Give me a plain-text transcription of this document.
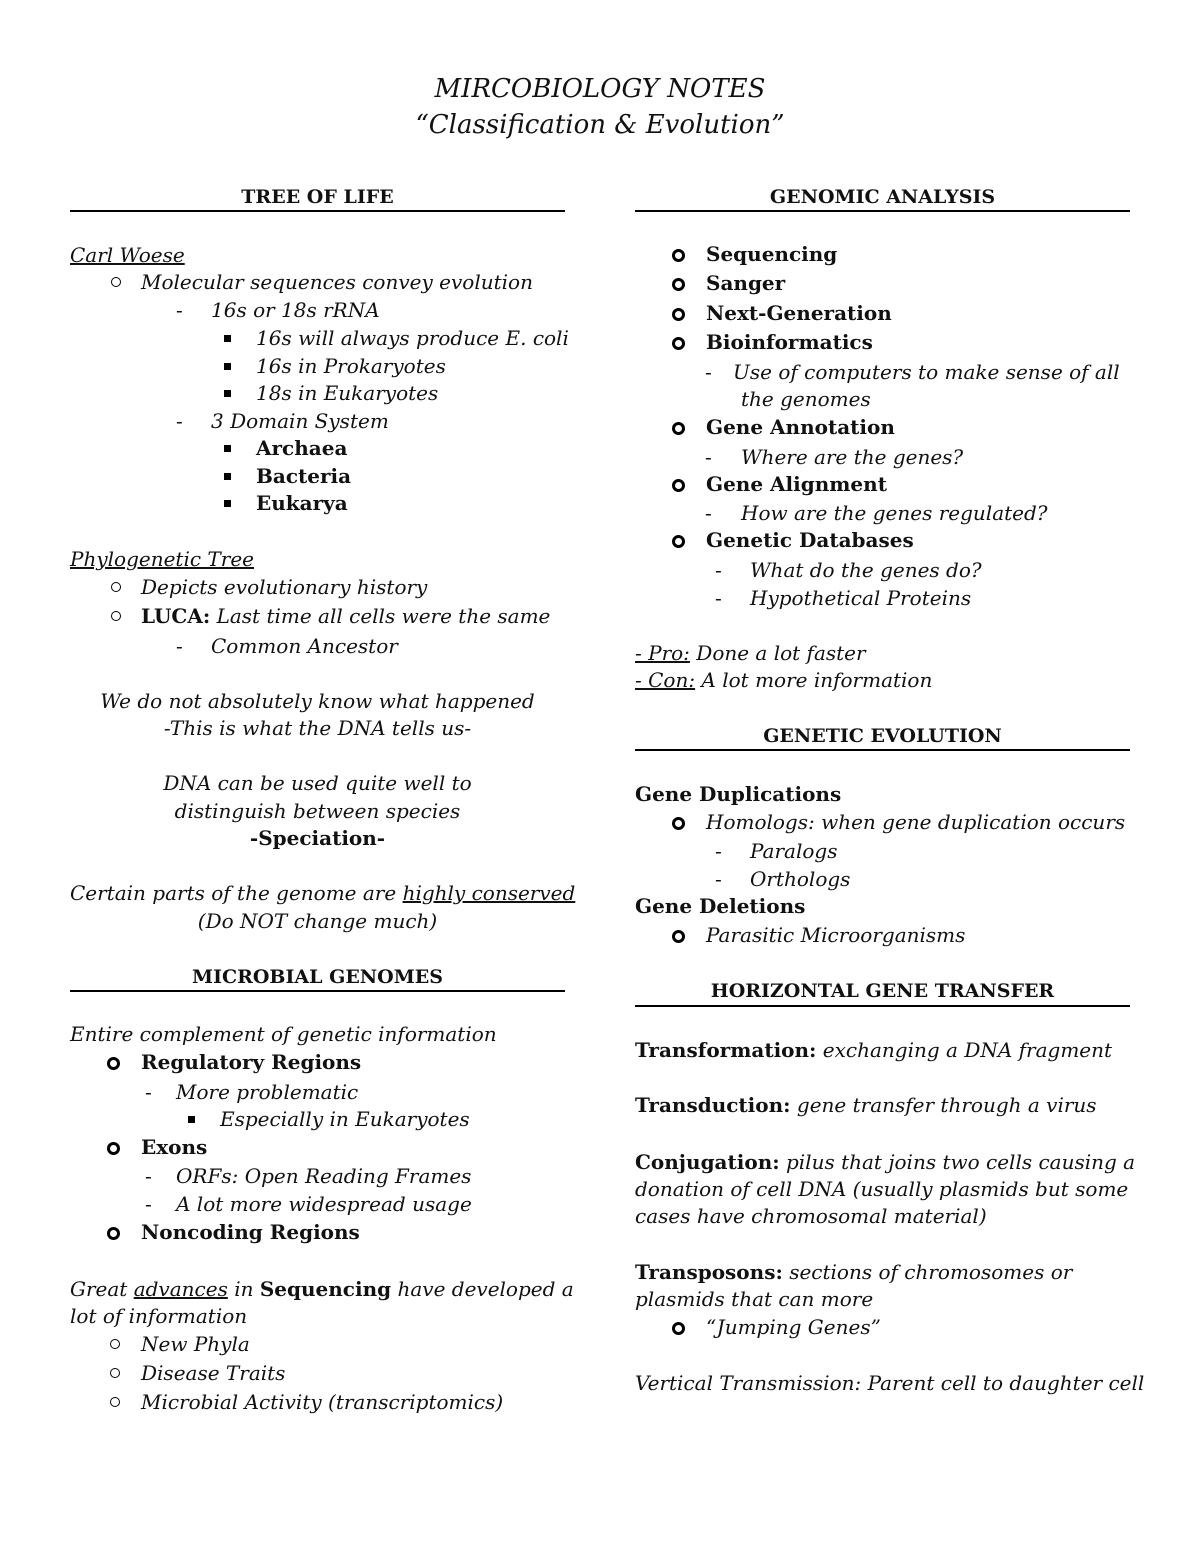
MIRCOBIOLOGY NOTES
“Classification & Evolution”
TREE OF LIFE
Carl Woese
Molecular sequences convey evolution
- 16s or 18s rRNA
16s will always produce E. coli
16s in Prokaryotes
18s in Eukaryotes
- 3 Domain System
Archaea
Bacteria
Eukarya
Phylogenetic Tree
Depicts evolutionary history
LUCA: Last time all cells were the same
- Common Ancestor
We do not absolutely know what happened
-This is what the DNA tells us-
DNA can be used quite well to
distinguish between species
-Speciation-
Certain parts of the genome are highly conserved
(Do NOT change much)
MICROBIAL GENOMES
Entire complement of genetic information
Regulatory Regions
- More problematic
Especially in Eukaryotes
Exons
- ORFs: Open Reading Frames
- A lot more widespread usage
Noncoding Regions
Great advances in Sequencing have developed a
lot of information
New Phyla
Disease Traits
Microbial Activity (transcriptomics)
GENOMIC ANALYSIS
Sequencing
Sanger
Next-Generation
Bioinformatics
- Use of computers to make sense of all
the genomes
Gene Annotation
- Where are the genes?
Gene Alignment
- How are the genes regulated?
Genetic Databases
- What do the genes do?
- Hypothetical Proteins
- Pro: Done a lot faster
- Con: A lot more information
GENETIC EVOLUTION
Gene Duplications
Homologs: when gene duplication occurs
- Paralogs
- Orthologs
Gene Deletions
Parasitic Microorganisms
HORIZONTAL GENE TRANSFER
Transformation: exchanging a DNA fragment
Transduction: gene transfer through a virus
Conjugation: pilus that joins two cells causing a
donation of cell DNA (usually plasmids but some
cases have chromosomal material)
Transposons: sections of chromosomes or
plasmids that can more
“Jumping Genes”
Vertical Transmission: Parent cell to daughter cell
